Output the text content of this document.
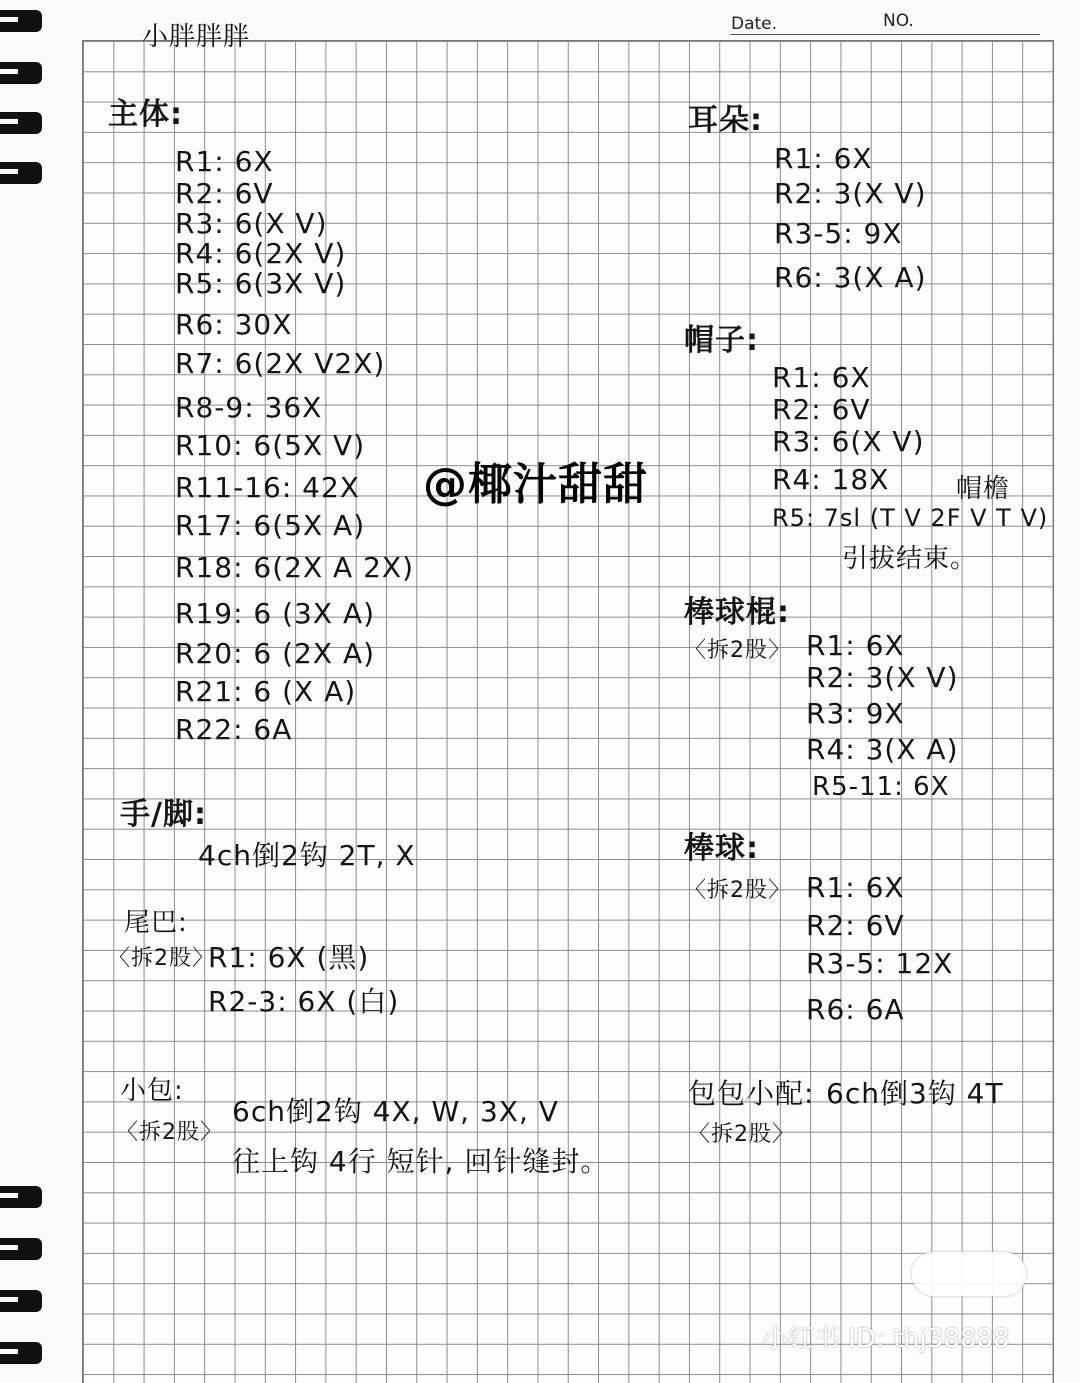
小胖胖胖	Date.	NO.
主体:
R1: 6X
R2: 6V
R3: 6(X V)
R4: 6(2X V)
R5: 6(3X V)
R6: 30X
R7: 6(2X V2X)
R8-9: 36X
R10: 6(5X V)
R11-16: 42X
R17: 6(5X A)
R18: 6(2X A 2X)
R19: 6 (3X A)
R20: 6 (2X A)
R21: 6 (X A)
R22: 6A
手/脚:
4ch倒2钩 2T, X
尾巴:
〈拆2股〉
R1: 6X (黑)
R2-3: 6X (白)
小包:
〈拆2股〉
6ch倒2钩 4X, W, 3X, V
往上钩 4行 短针, 回针缝封。
@椰汁甜甜
耳朵:
R1: 6X
R2: 3(X V)
R3-5: 9X
R6: 3(X A)
帽子:
R1: 6X
R2: 6V
R3: 6(X V)
R4: 18X
R5: 7sl (T V 2F V T V)
帽檐
引拔结束。
棒球棍:
〈拆2股〉 R1: 6X
R2: 3(X V)
R3: 9X
R4: 3(X A)
R5-11: 6X
棒球:
〈拆2股〉 R1: 6X
R2: 6V
R3-5: 12X
R6: 6A
包包小配: 6ch倒3钩 4T
〈拆2股〉
小红书 ID: thj38888
